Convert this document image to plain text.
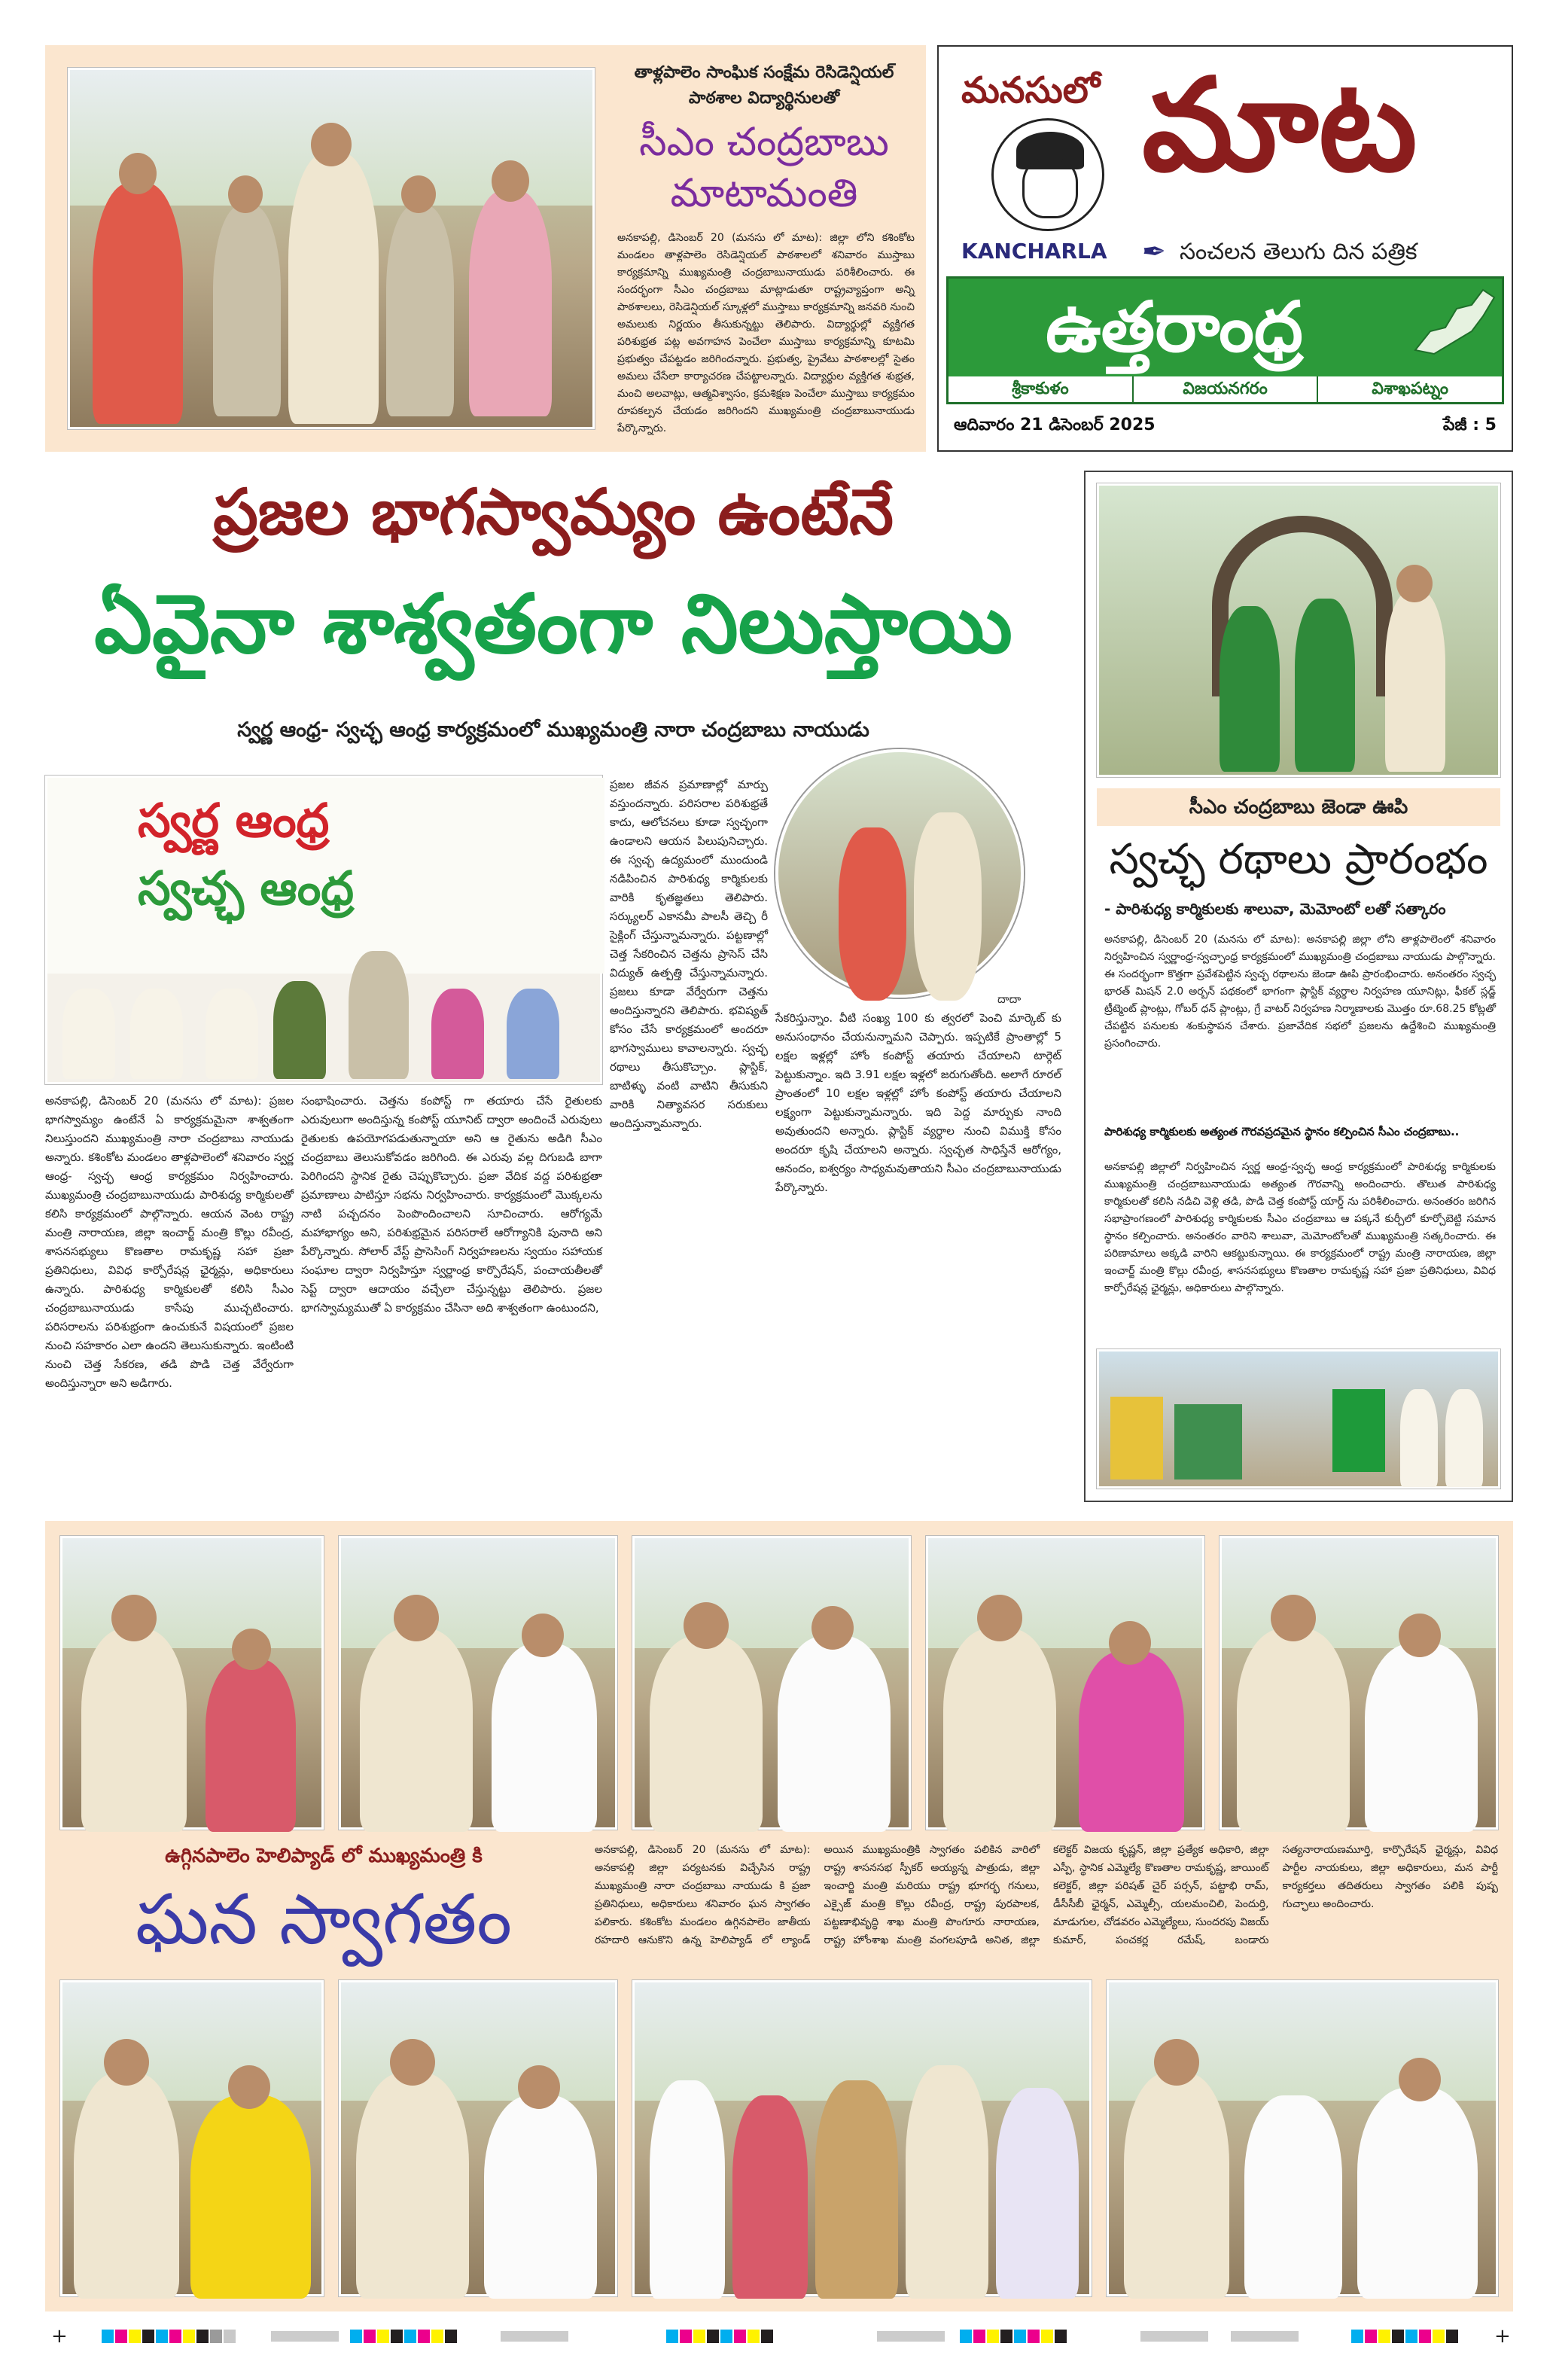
తాళ్లపాలెం సాంఘిక సంక్షేమ రెసిడెన్షియల్
పాఠశాల విద్యార్థినులతో
సీఎం చంద్రబాబు
మాటామంతి
అనకాపల్లి, డిసెంబర్ 20 (మనసు లో మాట): జిల్లా లోని కశింకోట మండలం తాళ్లపాలెం రెసిడెన్షియల్ పాఠశాలలో శనివారం ముస్తాబు కార్యక్రమాన్ని ముఖ్యమంత్రి చంద్రబాబునాయుడు పరిశీలించారు. ఈ సందర్భంగా సీఎం చంద్రబాబు మాట్లాడుతూ రాష్ట్రవ్యాప్తంగా అన్ని పాఠశాలలు, రెసిడెన్షియల్ స్కూళ్లలో ముస్తాబు కార్యక్రమాన్ని జనవరి నుంచి అమలుకు నిర్ణయం తీసుకున్నట్టు తెలిపారు. విద్యార్థుల్లో వ్యక్తిగత పరిశుభ్రత పట్ల అవగాహన పెంచేలా ముస్తాబు కార్యక్రమాన్ని కూటమి ప్రభుత్వం చేపట్టడం జరిగిందన్నారు. ప్రభుత్వ, ప్రైవేటు పాఠశాలల్లో సైతం అమలు చేసేలా కార్యాచరణ చేపట్టాలన్నారు. విద్యార్థుల వ్యక్తిగత శుభ్రత, మంచి అలవాట్లు, ఆత్మవిశ్వాసం, క్రమశిక్షణ పెంచేలా ముస్తాబు కార్యక్రమం రూపకల్పన చేయడం జరిగిందని ముఖ్యమంత్రి చంద్రబాబునాయుడు పేర్కొన్నారు.
మనసులో మాట
KANCHARLA ✒ సంచలన తెలుగు దిన పత్రిక
ఉత్తరాంధ్ర
శ్రీకాకుళం	విజయనగరం	విశాఖపట్నం
ఆదివారం 21 డిసెంబర్ 2025	పేజీ : 5
ప్రజల భాగస్వామ్యం ఉంటేనే
ఏవైనా శాశ్వతంగా నిలుస్తాయి
స్వర్ణ ఆంధ్ర- స్వచ్ఛ ఆంధ్ర కార్యక్రమంలో ముఖ్యమంత్రి నారా చంద్రబాబు నాయుడు
స్వర్ణ ఆంధ్ర
స్వచ్ఛ ఆంధ్ర
దాదా
ప్రజల జీవన ప్రమాణాల్లో మార్పు వస్తుందన్నారు. పరిసరాల పరిశుభ్రతే కాదు, ఆలోచనలు కూడా స్వచ్ఛంగా ఉండాలని ఆయన పిలుపునిచ్చారు. ఈ స్వచ్ఛ ఉద్యమంలో ముందుండి నడిపించిన పారిశుధ్య కార్మికులకు వారికి కృతజ్ఞతలు తెలిపారు. సర్క్యులర్ ఎకానమీ పాలసీ తెచ్చి రీ సైక్లింగ్ చేస్తున్నామన్నారు. పట్టణాల్లో చెత్త సేకరించిన చెత్తను ప్రాసెస్ చేసి విద్యుత్ ఉత్పత్తి చేస్తున్నామన్నారు. ప్రజలు కూడా వేర్వేరుగా చెత్తను అందిస్తున్నారని తెలిపారు. భవిష్యత్ కోసం చేసే కార్యక్రమంలో అందరూ భాగస్వాములు కావాలన్నారు. స్వచ్ఛ రథాలు తీసుకొచ్చాం. ప్లాస్టిక్, బాటిళ్ళు వంటి వాటిని తీసుకుని వారికి నిత్యావసర సరుకులు అందిస్తున్నామన్నారు.
అనకాపల్లి, డిసెంబర్ 20 (మనసు లో మాట): ప్రజల భాగస్వామ్యం ఉంటేనే ఏ కార్యక్రమమైనా శాశ్వతంగా నిలుస్తుందని ముఖ్యమంత్రి నారా చంద్రబాబు నాయుడు అన్నారు. కశింకోట మండలం తాళ్లపాలెంలో శనివారం స్వర్ణ ఆంధ్ర- స్వచ్ఛ ఆంధ్ర కార్యక్రమం నిర్వహించారు. ముఖ్యమంత్రి చంద్రబాబునాయుడు పారిశుధ్య కార్మికులతో కలిసి కార్యక్రమంలో పాల్గొన్నారు. ఆయన వెంట రాష్ట్ర మంత్రి నారాయణ, జిల్లా ఇంచార్జ్ మంత్రి కొల్లు రవీంద్ర, శాసనసభ్యులు కొణతాల రామకృష్ణ సహా ప్రజా ప్రతినిధులు, వివిధ కార్పోరేషన్ల ఛైర్మన్లు, అధికారులు ఉన్నారు. పారిశుధ్య కార్మికులతో కలిసి సీఎం చంద్రబాబునాయుడు కాసేపు ముచ్చటించారు. పరిసరాలను పరిశుభ్రంగా ఉంచుకునే విషయంలో ప్రజల నుంచి సహకారం ఎలా ఉందని తెలుసుకున్నారు. ఇంటింటి నుంచి చెత్త సేకరణ, తడి పొడి చెత్త వేర్వేరుగా అందిస్తున్నారా అని అడిగారు.
సంభాషించారు. చెత్తను కంపోస్ట్ గా తయారు చేసే రైతులకు ఎరువులుగా అందిస్తున్న కంపోస్ట్ యూనిట్ ద్వారా అందించే ఎరువులు రైతులకు ఉపయోగపడుతున్నాయా అని ఆ రైతును అడిగి సీఎం చంద్రబాబు తెలుసుకోవడం జరిగింది. ఈ ఎరువు వల్ల దిగుబడి బాగా పెరిగిందని స్థానిక రైతు చెప్పుకొచ్చారు. ప్రజా వేదిక వద్ద పరిశుభ్రతా ప్రమాణాలు పాటిస్తూ సభను నిర్వహించారు. కార్యక్రమంలో మొక్కలను నాటి పచ్చదనం పెంపొందించాలని సూచించారు. ఆరోగ్యమే మహాభాగ్యం అని, పరిశుభ్రమైన పరిసరాలే ఆరోగ్యానికి పునాది అని పేర్కొన్నారు. సోలార్ వేస్ట్ ప్రాసెసింగ్ నిర్వహణలను స్వయం సహాయక సంఘాల ద్వారా నిర్వహిస్తూ స్వర్ణాంధ్ర కార్పొరేషన్, పంచాయతీలతో సెప్ట్ ద్వారా ఆదాయం వచ్చేలా చేస్తున్నట్టు తెలిపారు. ప్రజల భాగస్వామ్యముతో ఏ కార్యక్రమం చేసినా అది శాశ్వతంగా ఉంటుందని,
సేకరిస్తున్నాం. వీటి సంఖ్య 100 కు త్వరలో పెంచి మార్కెట్ కు అనుసంధానం చేయనున్నామని చెప్పారు. ఇప్పటికే ప్రాంతాల్లో 5 లక్షల ఇళ్లల్లో హోం కంపోస్ట్ తయారు చేయాలని టార్గెట్ పెట్టుకున్నాం. ఇది 3.91 లక్షల ఇళ్లలో జరుగుతోంది. అలాగే రూరల్ ప్రాంతంలో 10 లక్షల ఇళ్లల్లో హోం కంపోస్ట్ తయారు చేయాలని లక్ష్యంగా పెట్టుకున్నామన్నారు. ఇది పెద్ద మార్పుకు నాంది అవుతుందని అన్నారు. ప్లాస్టిక్ వ్యర్థాల నుంచి విముక్తి కోసం అందరూ కృషి చేయాలని అన్నారు. స్వచ్ఛత సాధిస్తేనే ఆరోగ్యం, ఆనందం, ఐశ్వర్యం సాధ్యమవుతాయని సీఎం చంద్రబాబునాయుడు పేర్కొన్నారు.
సీఎం చంద్రబాబు జెండా ఊపి
స్వచ్ఛ రథాలు ప్రారంభం
- పారిశుధ్య కార్మికులకు శాలువా, మెమోంటో లతో సత్కారం
అనకాపల్లి, డిసెంబర్ 20 (మనసు లో మాట): అనకాపల్లి జిల్లా లోని తాళ్లపాలెంలో శనివారం నిర్వహించిన స్వర్ణాంధ్ర-స్వచ్ఛాంధ్ర కార్యక్రమంలో ముఖ్యమంత్రి చంద్రబాబు నాయుడు పాల్గొన్నారు. ఈ సందర్భంగా కొత్తగా ప్రవేశపెట్టిన స్వచ్ఛ రథాలను జెండా ఊపి ప్రారంభించారు. అనంతరం స్వచ్ఛ భారత్ మిషన్ 2.0 అర్బన్ పథకంలో భాగంగా ప్లాస్టిక్ వ్యర్థాల నిర్వహణ యూనిట్లు, ఫీకల్ స్లడ్జ్ ట్రీట్మెంట్ ప్లాంట్లు, గోబర్ ధన్ ప్లాంట్లు, గ్రే వాటర్ నిర్వహణ నిర్మాణాలకు మొత్తం రూ.68.25 కోట్లతో చేపట్టిన పనులకు శంకుస్థాపన చేశారు. ప్రజావేదిక సభలో ప్రజలను ఉద్దేశించి ముఖ్యమంత్రి ప్రసంగించారు.
పారిశుధ్య కార్మికులకు అత్యంత గౌరవప్రదమైన స్థానం కల్పించిన సీఎం చంద్రబాబు..
అనకాపల్లి జిల్లాలో నిర్వహించిన స్వర్ణ ఆంధ్ర-స్వచ్ఛ ఆంధ్ర కార్యక్రమంలో పారిశుధ్య కార్మికులకు ముఖ్యమంత్రి చంద్రబాబునాయుడు అత్యంత గౌరవాన్ని అందించారు. తొలుత పారిశుధ్య కార్మికులతో కలిసి నడిచి వెళ్లి తడి, పొడి చెత్త కంపోస్ట్ యార్డ్ ను పరిశీలించారు. అనంతరం జరిగిన సభాప్రాంగణంలో పారిశుధ్య కార్మికులకు సీఎం చంద్రబాబు ఆ పక్కనే కుర్చీలో కూర్చోబెట్టి సమాన స్థానం కల్పించారు. అనంతరం వారిని శాలువా, మెమోంటోలతో ముఖ్యమంత్రి సత్కరించారు. ఈ పరిణామాలు అక్కడి వారిని ఆకట్టుకున్నాయి. ఈ కార్యక్రమంలో రాష్ట్ర మంత్రి నారాయణ, జిల్లా ఇంచార్జ్ మంత్రి కొల్లు రవీంద్ర, శాసనసభ్యులు కొణతాల రామకృష్ణ సహా ప్రజా ప్రతినిధులు, వివిధ కార్పోరేషన్ల ఛైర్మన్లు, అధికారులు పాల్గొన్నారు.
ఉగ్గినపాలెం హెలిప్యాడ్ లో ముఖ్యమంత్రి కి
ఘన స్వాగతం
అనకాపల్లి, డిసెంబర్ 20 (మనసు లో మాట): అనకాపల్లి జిల్లా పర్యటనకు విచ్చేసిన రాష్ట్ర ముఖ్యమంత్రి నారా చంద్రబాబు నాయుడు కి ప్రజా ప్రతినిధులు, అధికారులు శనివారం ఘన స్వాగతం పలికారు. కశింకోట మండలం ఉగ్గినపాలెం జాతీయ రహదారి ఆనుకొని ఉన్న హెలిప్యాడ్ లో ల్యాండ్ అయిన ముఖ్యమంత్రికి స్వాగతం పలికిన వారిలో రాష్ట్ర శాసనసభ స్పీకర్ అయ్యన్న పాత్రుడు, జిల్లా ఇంచార్జి మంత్రి మరియు రాష్ట్ర భూగర్భ గనులు, ఎక్సైజ్ మంత్రి కొల్లు రవీంద్ర, రాష్ట్ర పురపాలక, పట్టణాభివృద్ధి శాఖ మంత్రి పొంగూరు నారాయణ, రాష్ట్ర హోంశాఖ మంత్రి వంగలపూడి అనిత, జిల్లా కలెక్టర్ విజయ కృష్ణన్, జిల్లా ప్రత్యేక అధికారి, జిల్లా ఎస్పీ, స్థానిక ఎమ్మెల్యే కొణతాల రామకృష్ణ, జాయింట్ కలెక్టర్, జిల్లా పరిషత్ చైర్ పర్సన్, పట్టాభి రామ్, డీసీసీబీ ఛైర్మన్, ఎమ్మెల్సీ, యలమంచిలి, పెందుర్తి, మాడుగుల, చోడవరం ఎమ్మెల్యేలు, సుందరపు విజయ్ కుమార్, పంచకర్ల రమేష్, బండారు సత్యనారాయణమూర్తి, కార్పొరేషన్ ఛైర్మన్లు, వివిధ పార్టీల నాయకులు, జిల్లా అధికారులు, మన పార్టీ కార్యకర్తలు తదితరులు స్వాగతం పలికి పుష్ప గుచ్ఛాలు అందించారు.
+	+
